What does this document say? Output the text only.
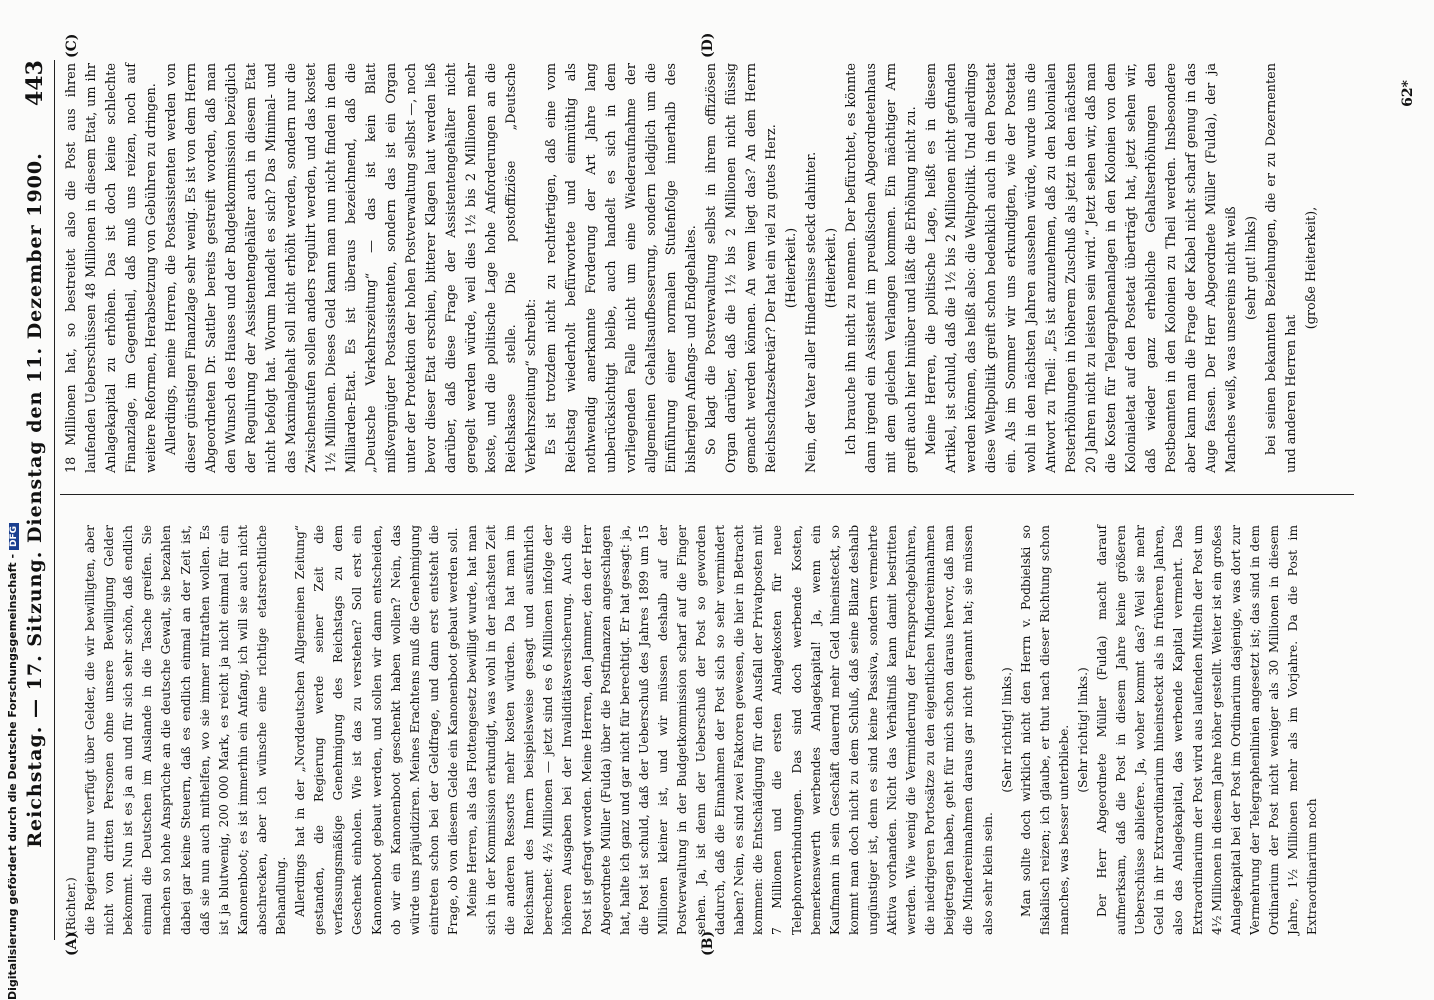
Reichstag. — 17. Sitzung. Dienstag den 11. Dezember 1900.
443
(A)	(B)
(C)	(D)

(Richter.) die Regierung nur verfügt über Gelder, die wir bewilligten, aber nicht von dritten Personen ohne unsere Bewilligung Gelder bekommt. Nun ist es ja an und für sich sehr schön, daß endlich einmal die Deutschen im Auslande in die Tasche greifen. Sie machen so hohe Ansprüche an die deutsche Gewalt, sie bezahlen dabei gar keine Steuern, daß es endlich einmal an der Zeit ist, daß sie nun auch mithelfen, wo sie immer mitrathen wollen. Es ist ja blutwenig, 200 000 Mark, es reicht ja nicht einmal für ein Kanonenboot; es ist immerhin ein Anfang, ich will sie auch nicht abschrecken, aber ich wünsche eine richtige etatsrechtliche Behandlung. Allerdings hat in der „Norddeutschen Allgemeinen Zeitung“ gestanden, die Regierung werde seiner Zeit die verfassungsmäßige Genehmigung des Reichstags zu dem Geschenk einholen. Wie ist das zu verstehen? Soll erst ein Kanonenboot gebaut werden, und sollen wir dann entscheiden, ob wir ein Kanonenboot geschenkt haben wollen? Nein, das würde uns präjudiziren. Meines Erachtens muß die Genehmigung eintreten schon bei der Geldfrage, und dann erst entsteht die Frage, ob von diesem Gelde ein Kanonenboot gebaut werden soll. Meine Herren, als das Flottengesetz bewilligt wurde, hat man sich in der Kommission erkundigt, was wohl in der nächsten Zeit die anderen Ressorts mehr kosten würden. Da hat man im Reichsamt des Innern beispielsweise gesagt und ausführlich berechnet: 4½ Millionen — jetzt sind es 6 Millionen infolge der höheren Ausgaben bei der Invaliditätsversicherung. Auch die Post ist gefragt worden. Meine Herren, den Jammer, den der Herr Abgeordnete Müller (Fulda) über die Postfinanzen angeschlagen hat, halte ich ganz und gar nicht für berechtigt. Er hat gesagt: ja, die Post ist schuld, daß der Ueberschuß des Jahres 1899 um 15 Millionen kleiner ist, und wir müssen deshalb auf der Postverwaltung in der Budgetkommission scharf auf die Finger sehen. Ja, ist denn der Ueberschuß der Post so geworden dadurch, daß die Einnahmen der Post sich so sehr vermindert haben? Nein, es sind zwei Faktoren gewesen, die hier in Betracht kommen: die Entschädigung für den Ausfall der Privatposten mit 7 Millionen und die ersten Anlagekosten für neue Telephonverbindungen. Das sind doch werbende Kosten, bemerkenswerth werbendes Anlagekapital! Ja, wenn ein Kaufmann in sein Geschäft dauernd mehr Geld hineinsteckt, so kommt man doch nicht zu dem Schluß, daß seine Bilanz deshalb ungünstiger ist, denn es sind keine Passiva, sondern vermehrte Aktiva vorhanden. Nicht das Verhältniß kann damit bestritten werden. Wie wenig die Verminderung der Fernsprechgebühren, die niedrigeren Portosätze zu den eigentlichen Mindereinnahmen beigetragen haben, geht für mich schon daraus hervor, daß man die Mindereinnahmen daraus gar nicht genannt hat; sie müssen also sehr klein sein.

(Sehr richtig! links.) Man sollte doch wirklich nicht den Herrn v. Podbielski so fiskalisch reizen; ich glaube, er thut nach dieser Richtung schon manches, was besser unterbliebe. (Sehr richtig! links.) Der Herr Abgeordnete Müller (Fulda) macht darauf aufmerksam, daß die Post in diesem Jahre keine größeren Ueberschüsse abliefere. Ja, woher kommt das? Weil sie mehr Geld in ihr Extraordinarium hineinsteckt als in früheren Jahren, also das Anlagekapital, das werbende Kapital vermehrt. Das Extraordinarium der Post wird aus laufenden Mitteln der Post um 4½ Millionen in diesem Jahre höher gestellt. Weiter ist ein großes Anlagekapital bei der Post im Ordinarium dasjenige, was dort zur Vermehrung der Telegraphenlinien angesetzt ist; das sind in dem Ordinarium der Post nicht weniger als 30 Millionen in diesem Jahre, 1½ Millionen mehr als im Vorjahre. Da die Post im Extraordinarium noch

18 Millionen hat, so bestreitet also die Post aus ihren laufenden Ueberschüssen 48 Millionen in diesem Etat, um ihr Anlagekapital zu erhöhen. Das ist doch keine schlechte Finanzlage, im Gegentheil, daß muß uns reizen, noch auf weitere Reformen, Herabsetzung von Gebühren zu dringen. Allerdings, meine Herren, die Postassistenten werden von dieser günstigen Finanzlage sehr wenig. Es ist von dem Herrn Abgeordneten Dr. Sattler bereits gestreift worden, daß man den Wunsch des Hauses und der Budgetkommission bezüglich der Regulirung der Assistentengehälter auch in diesem Etat nicht befolgt hat. Worum handelt es sich? Das Minimal- und das Maximalgehalt soll nicht erhöht werden, sondern nur die Zwischenstufen sollen anders regulirt werden, und das kostet 1½ Millionen. Dieses Geld kann man nun nicht finden in dem Milliarden-Etat. Es ist überaus bezeichnend, daß die „Deutsche Verkehrszeitung“ — das ist kein Blatt mißvergnügter Postassistenten, sondern das ist ein Organ unter der Protektion der hohen Postverwaltung selbst —, noch bevor dieser Etat erschien, bitterer Klagen laut werden ließ darüber, daß diese Frage der Assistentengehälter nicht geregelt werden würde, weil dies 1½ bis 2 Millionen mehr koste, und die politische Lage hohe Anforderungen an die Reichskasse stelle. Die postoffiziöse „Deutsche Verkehrszeitung“ schreibt: Es ist trotzdem nicht zu rechtfertigen, daß eine vom Reichstag wiederholt befürwortete und einmüthig als nothwendig anerkannte Forderung der Art Jahre lang unberücksichtigt bleibe, auch handelt es sich in dem vorliegenden Falle nicht um eine Wiederaufnahme der allgemeinen Gehaltsaufbesserung, sondern lediglich um die Einführung einer normalen Stufenfolge innerhalb des bisherigen Anfangs- und Endgehaltes. So klagt die Postverwaltung selbst in ihrem offiziösen Organ darüber, daß die 1½ bis 2 Millionen nicht flüssig gemacht werden können. An wem liegt das? An dem Herrn Reichsschatzsekretär? Der hat ein viel zu gutes Herz. (Heiterkeit.) Nein, der Vater aller Hindernisse steckt dahinter. (Heiterkeit.) Ich brauche ihn nicht zu nennen. Der befürchtet, es könnte dann irgend ein Assistent im preußischen Abgeordnetenhaus mit dem gleichen Verlangen kommen. Ein mächtiger Arm greift auch hier hinüber und läßt die Erhöhung nicht zu. Meine Herren, die politische Lage, heißt es in diesem Artikel, ist schuld, daß die 1½ bis 2 Millionen nicht gefunden werden können, das heißt also: die Weltpolitik. Und allerdings diese Weltpolitik greift schon bedenklich auch in den Postetat ein. Als im Sommer wir uns erkundigten, wie der Postetat wohl in den nächsten Jahren aussehen würde, wurde uns die Antwort zu Theil: „Es ist anzunehmen, daß zu den kolonialen Posterhöhungen in höherem Zuschuß als jetzt in den nächsten 20 Jahren nicht zu leisten sein wird.“ Jetzt sehen wir, daß man die Kosten für Telegraphenanlagen in den Kolonien von dem Kolonialetat auf den Postetat überträgt hat, jetzt sehen wir, daß wieder ganz erhebliche Gehaltserhöhungen den Postbeamten in den Kolonien zu Theil werden. Insbesondere aber kann man die Frage der Kabel nicht scharf genug in das Auge fassen. Der Herr Abgeordnete Müller (Fulda), der ja Manches weiß, was unsereins nicht weiß (sehr gut! links) bei seinen bekannten Beziehungen, die er zu Dezernenten und anderen Herren hat

(große Heiterkeit),

62*
Digitalisierung gefördert durch die Deutsche Forschungsgemeinschaft -DFG
